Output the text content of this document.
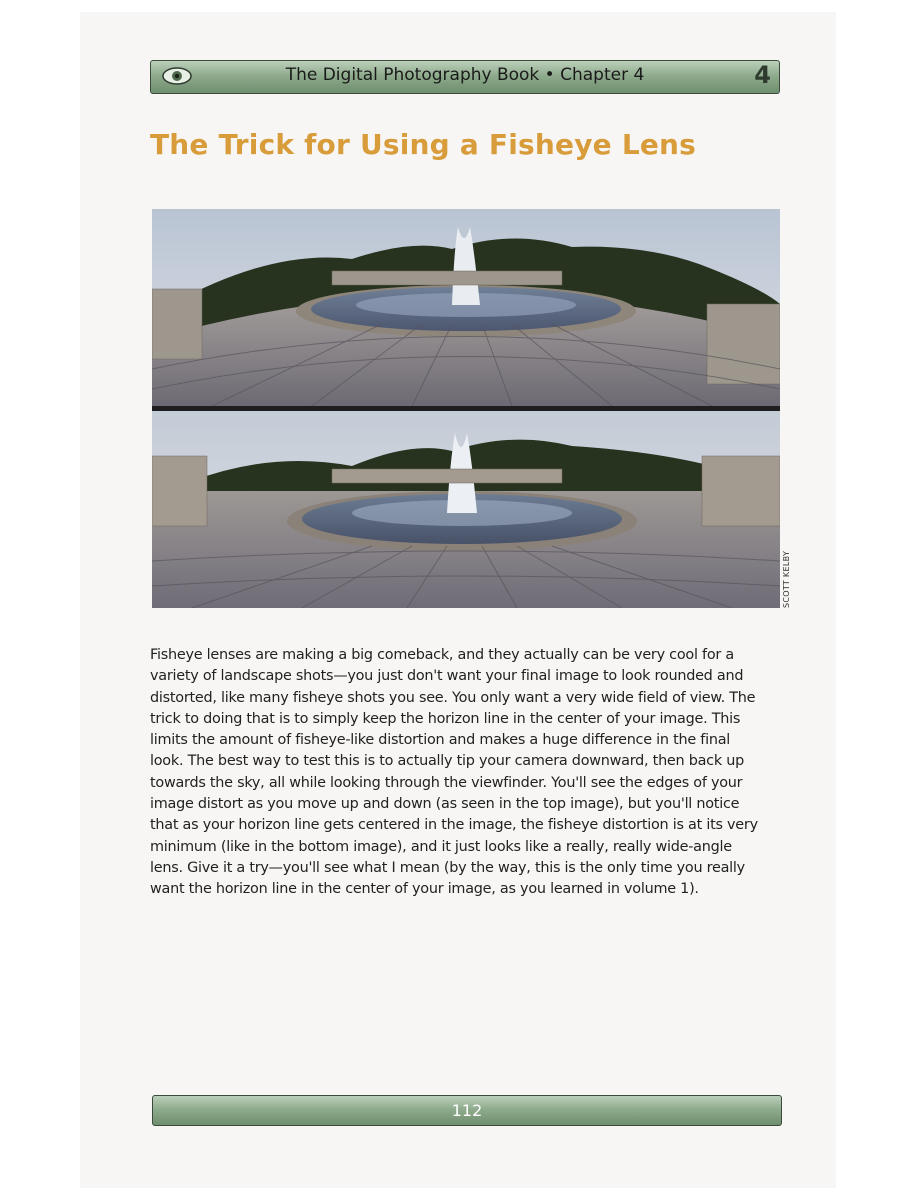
The Digital Photography Book • Chapter 4	4
The Trick for Using a Fisheye Lens
SCOTT KELBY

Fisheye lenses are making a big comeback, and they actually can be very cool for a

variety of landscape shots—you just don't want your final image to look rounded and

distorted, like many fisheye shots you see. You only want a very wide field of view. The

trick to doing that is to simply keep the horizon line in the center of your image. This

limits the amount of fisheye-like distortion and makes a huge difference in the final

look. The best way to test this is to actually tip your camera downward, then back up

towards the sky, all while looking through the viewfinder. You'll see the edges of your

image distort as you move up and down (as seen in the top image), but you'll notice

that as your horizon line gets centered in the image, the fisheye distortion is at its very

minimum (like in the bottom image), and it just looks like a really, really wide-angle

lens. Give it a try—you'll see what I mean (by the way, this is the only time you really

want the horizon line in the center of your image, as you learned in volume 1).

112
